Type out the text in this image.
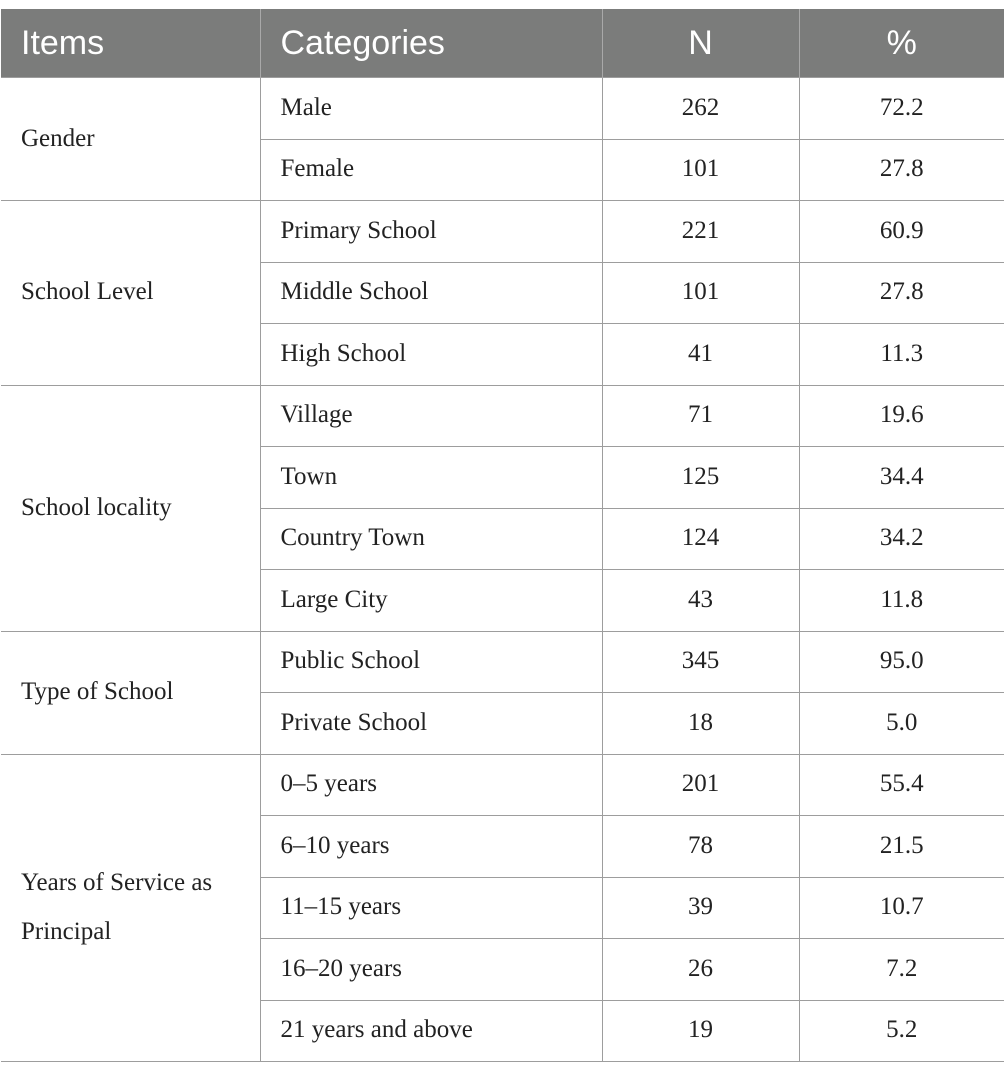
Items	Categories	N	%
Gender	Male	262	72.2
	Female	101	27.8
School Level	Primary School	221	60.9
	Middle School	101	27.8
	High School	41	11.3
School locality	Village	71	19.6
	Town	125	34.4
	Country Town	124	34.2
	Large City	43	11.8
Type of School	Public School	345	95.0
	Private School	18	5.0
Years of Service as Principal	0–5 years	201	55.4
	6–10 years	78	21.5
	11–15 years	39	10.7
	16–20 years	26	7.2
	21 years and above	19	5.2
